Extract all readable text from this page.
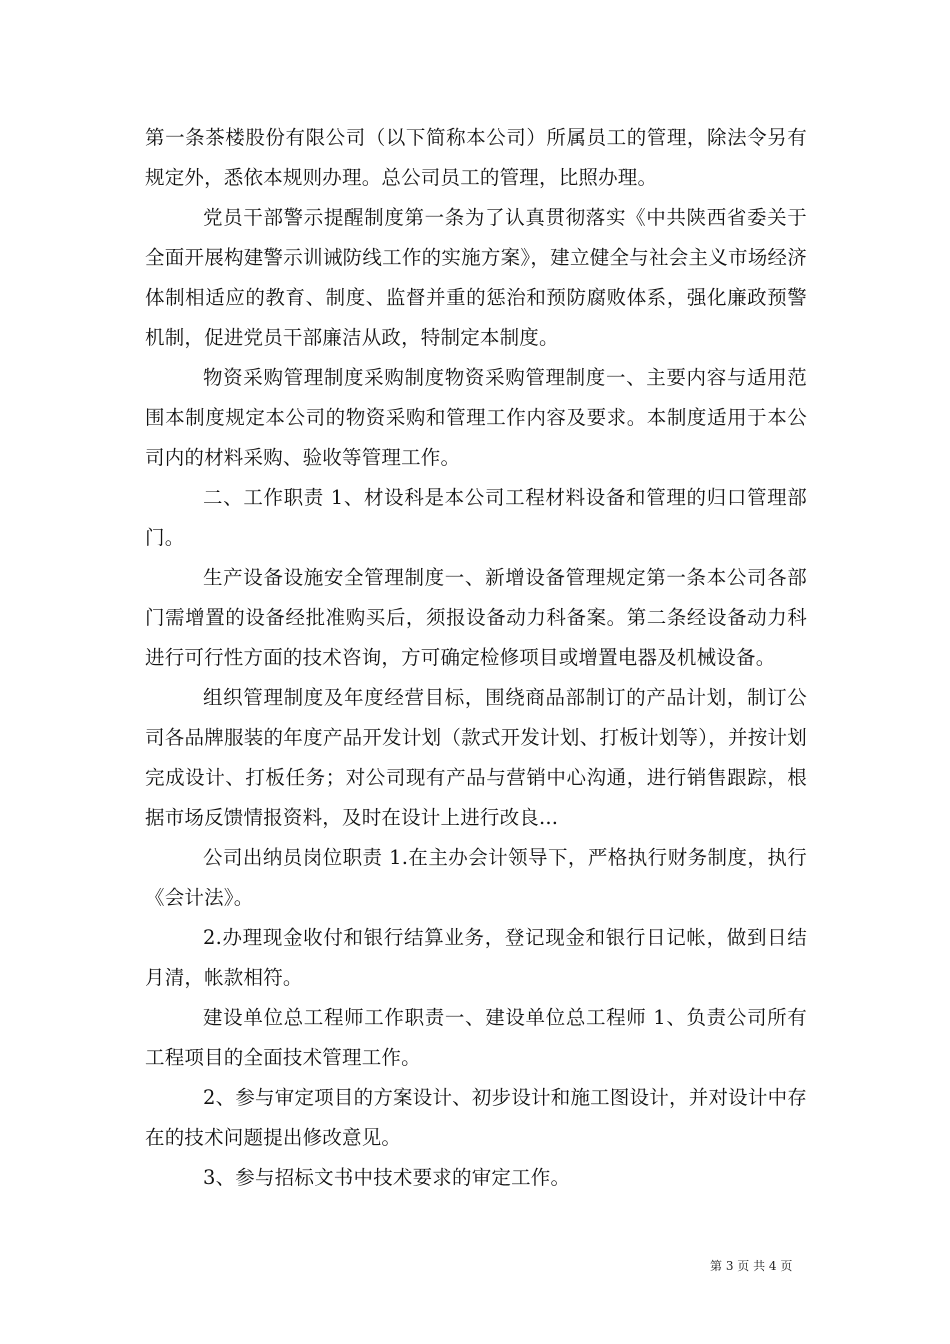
第一条茶楼股份有限公司（以下简称本公司）所属员工的管理，除法令另有规定外，悉依本规则办理。总公司员工的管理，比照办理。

党员干部警示提醒制度第一条为了认真贯彻落实《中共陕西省委关于全面开展构建警示训诫防线工作的实施方案》，建立健全与社会主义市场经济体制相适应的教育、制度、监督并重的惩治和预防腐败体系，强化廉政预警机制，促进党员干部廉洁从政，特制定本制度。

物资采购管理制度采购制度物资采购管理制度一、主要内容与适用范围本制度规定本公司的物资采购和管理工作内容及要求。本制度适用于本公司内的材料采购、验收等管理工作。

二、工作职责 1、材设科是本公司工程材料设备和管理的归口管理部门。

生产设备设施安全管理制度一、新增设备管理规定第一条本公司各部门需增置的设备经批准购买后，须报设备动力科备案。第二条经设备动力科进行可行性方面的技术咨询，方可确定检修项目或增置电器及机械设备。

组织管理制度及年度经营目标，围绕商品部制订的产品计划，制订公司各品牌服装的年度产品开发计划（款式开发计划、打板计划等），并按计划完成设计、打板任务；对公司现有产品与营销中心沟通，进行销售跟踪，根据市场反馈情报资料，及时在设计上进行改良...

公司出纳员岗位职责 1.在主办会计领导下，严格执行财务制度，执行《会计法》。

2.办理现金收付和银行结算业务，登记现金和银行日记帐，做到日结月清，帐款相符。

建设单位总工程师工作职责一、建设单位总工程师 1、负责公司所有工程项目的全面技术管理工作。

2、参与审定项目的方案设计、初步设计和施工图设计，并对设计中存在的技术问题提出修改意见。

3、参与招标文书中技术要求的审定工作。

第 3 页 共 4 页
